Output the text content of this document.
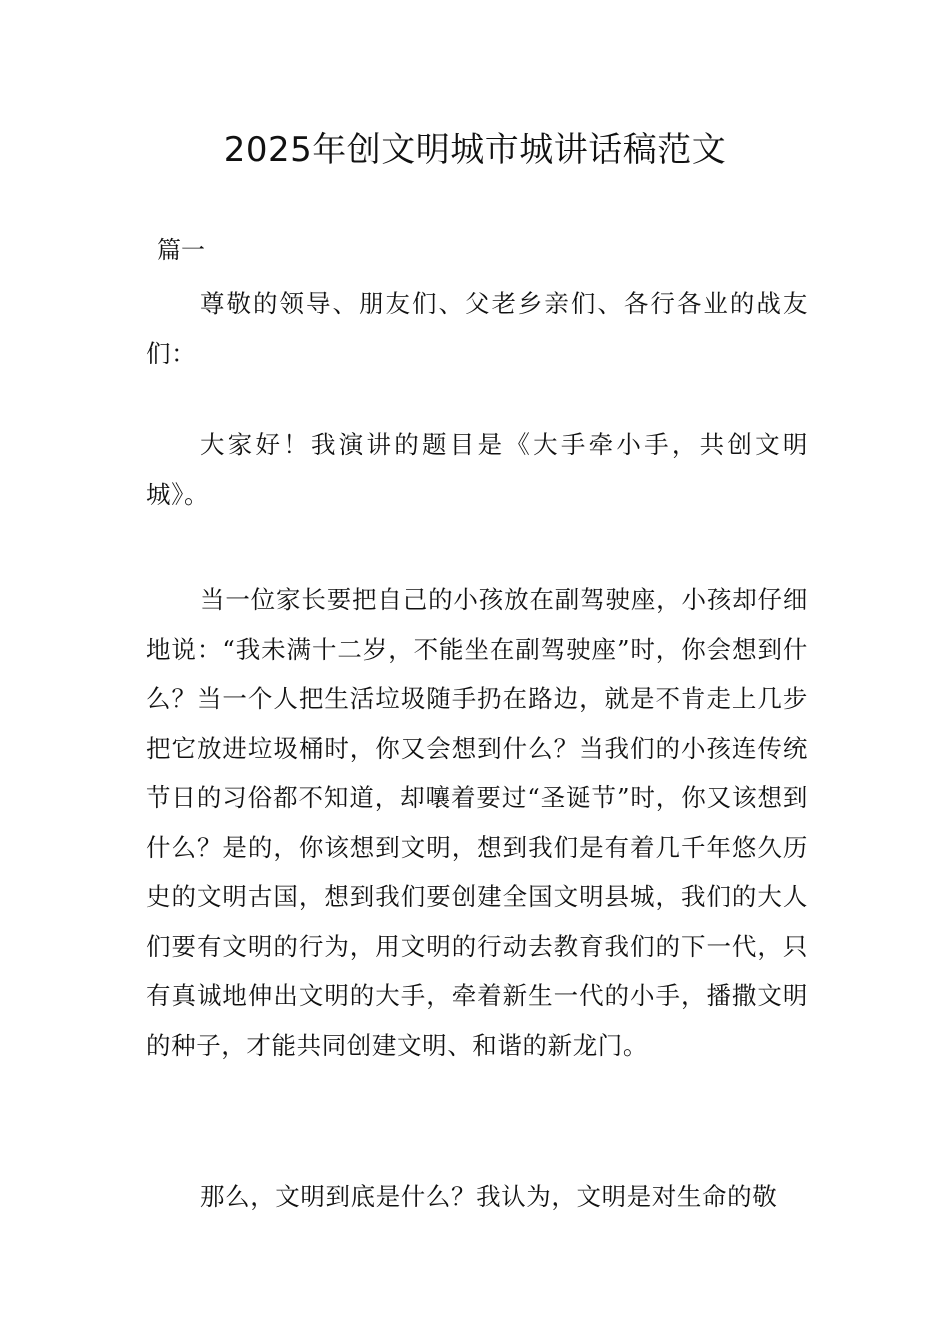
2025年创文明城市城讲话稿范文

篇一

尊敬的领导、朋友们、父老乡亲们、各行各业的战友们：

大家好！我演讲的题目是《大手牵小手，共创文明城》。

当一位家长要把自己的小孩放在副驾驶座，小孩却仔细地说：“我未满十二岁，不能坐在副驾驶座”时，你会想到什么？当一个人把生活垃圾随手扔在路边，就是不肯走上几步把它放进垃圾桶时，你又会想到什么？当我们的小孩连传统节日的习俗都不知道，却嚷着要过“圣诞节”时，你又该想到什么？是的，你该想到文明，想到我们是有着几千年悠久历史的文明古国，想到我们要创建全国文明县城，我们的大人们要有文明的行为，用文明的行动去教育我们的下一代，只有真诚地伸出文明的大手，牵着新生一代的小手，播撒文明的种子，才能共同创建文明、和谐的新龙门。

那么，文明到底是什么？我认为，文明是对生命的敬
